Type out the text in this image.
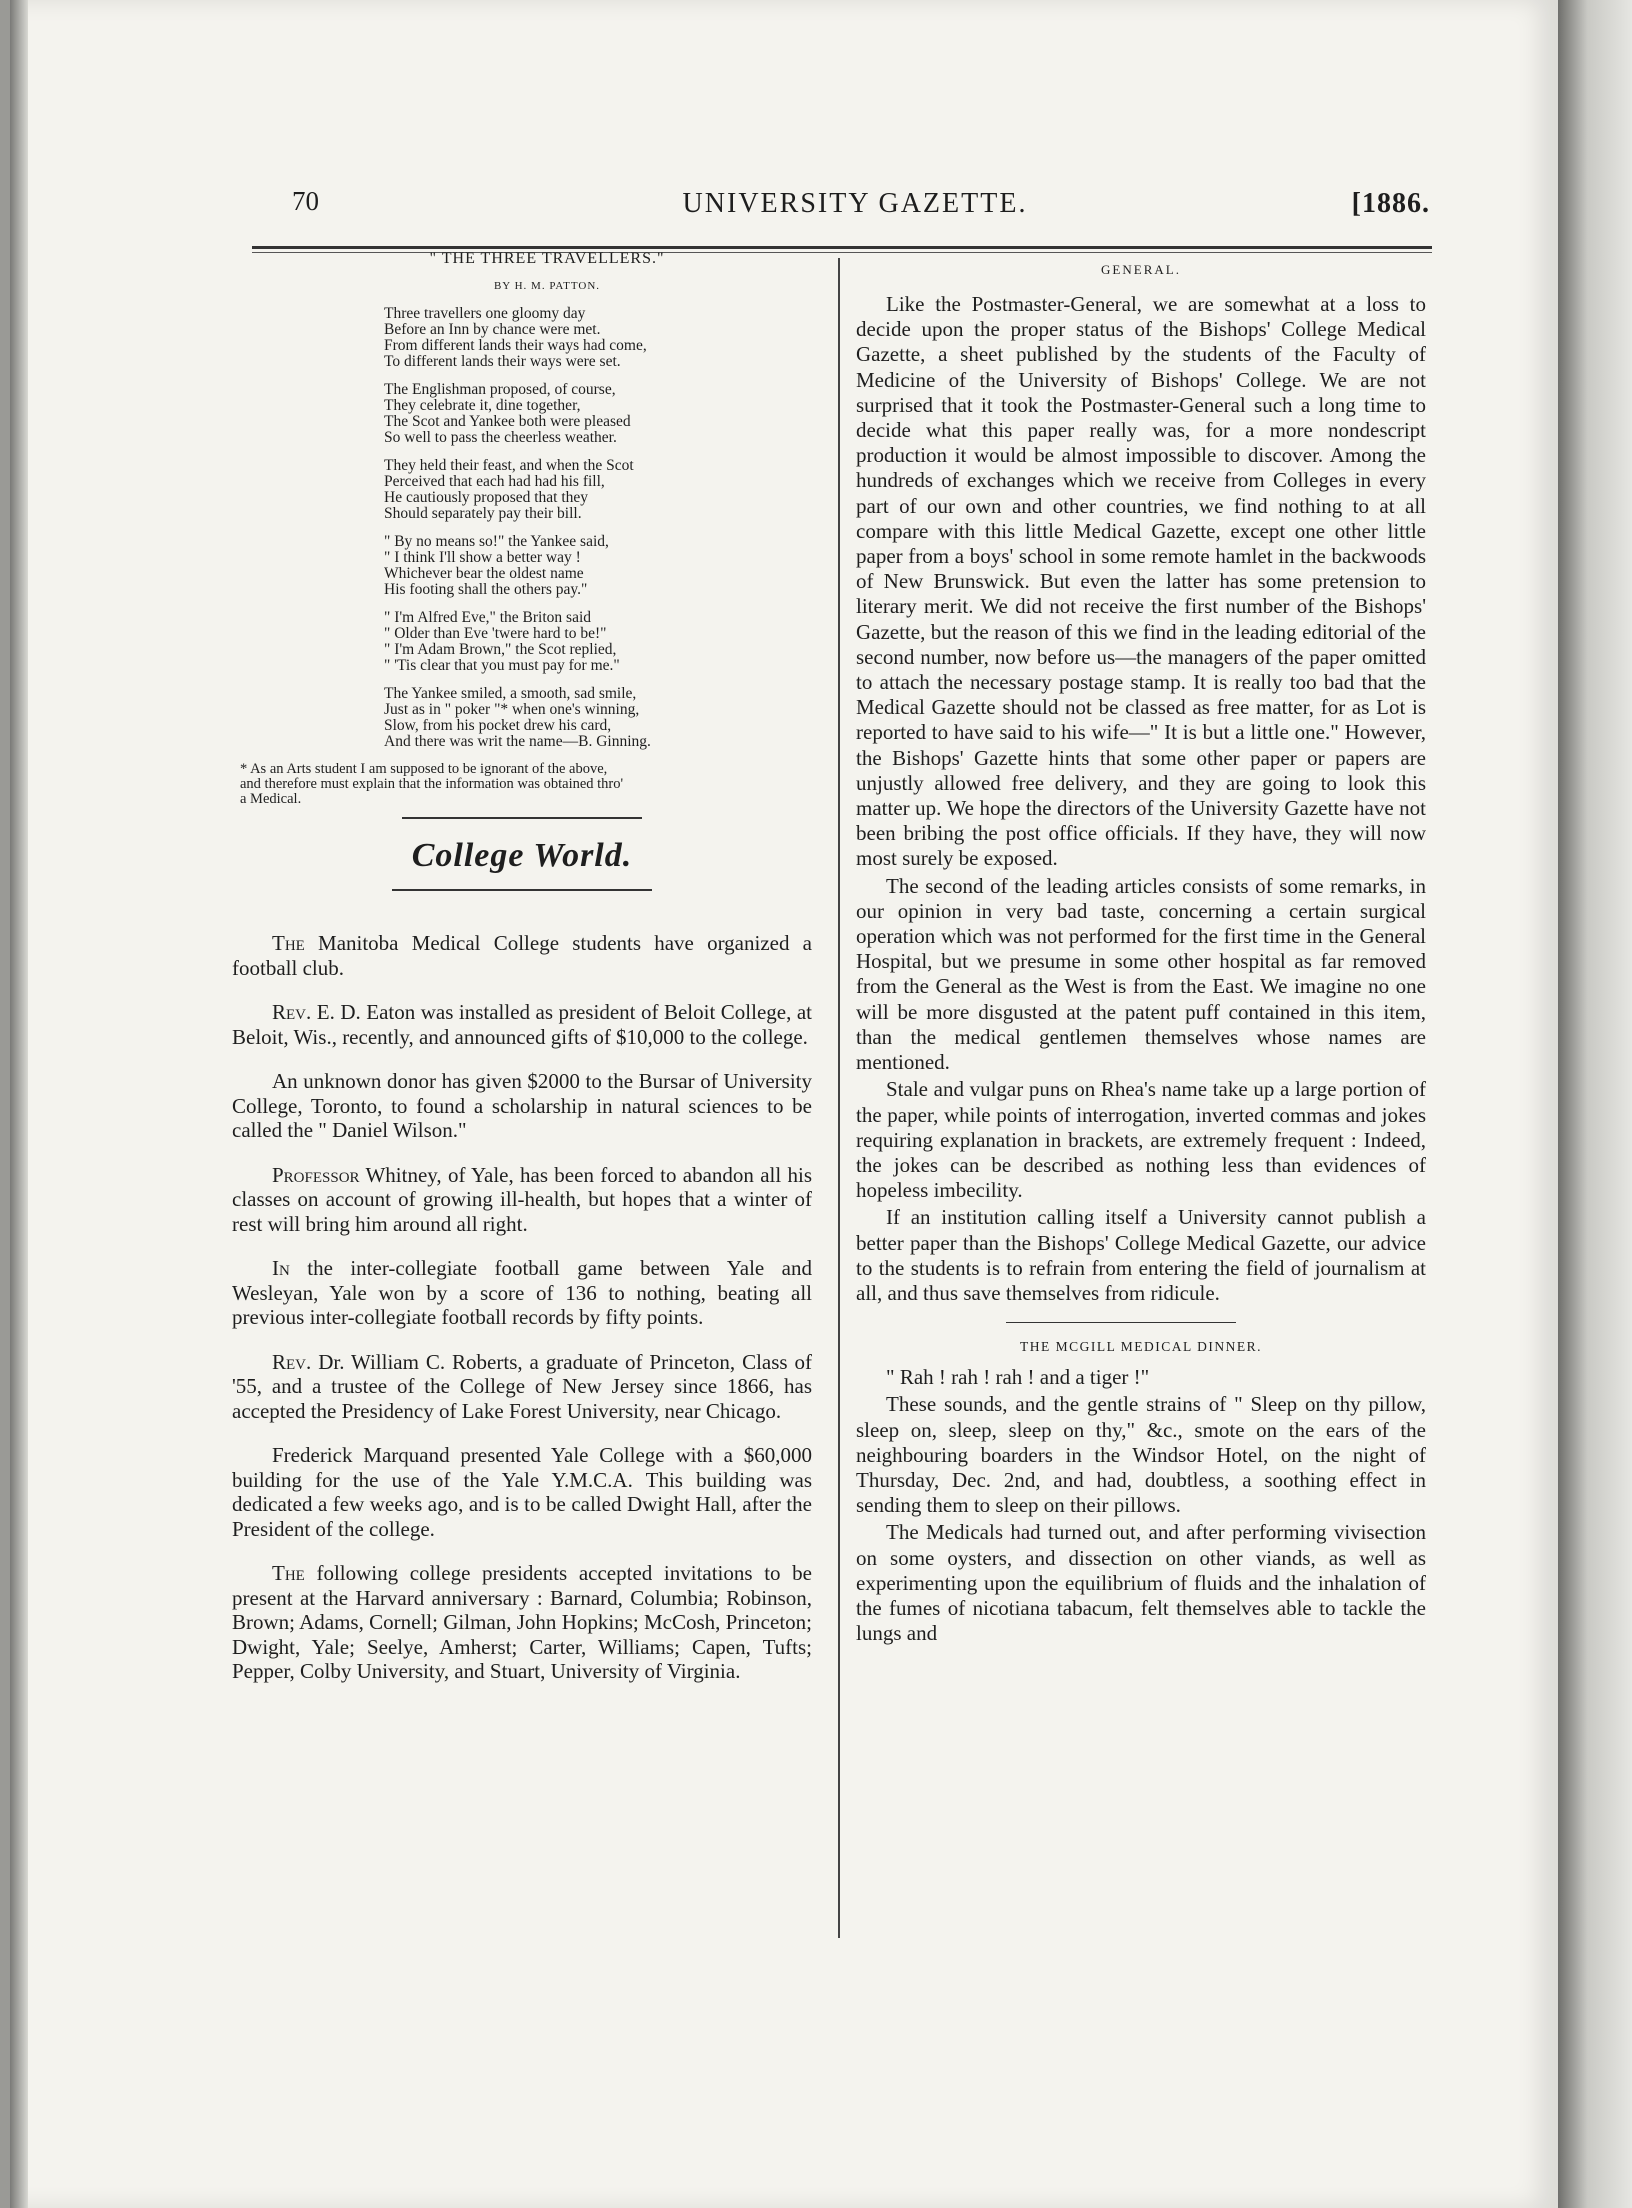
70	UNIVERSITY GAZETTE.	[1886.
" THE THREE TRAVELLERS."
BY H. M. PATTON.

Three travellers one gloomy day

Before an Inn by chance were met.

From different lands their ways had come,

To different lands their ways were set.

The Englishman proposed, of course,

They celebrate it, dine together,

The Scot and Yankee both were pleased

So well to pass the cheerless weather.

They held their feast, and when the Scot

Perceived that each had had his fill,

He cautiously proposed that they

Should separately pay their bill.

" By no means so!" the Yankee said,

" I think I'll show a better way !

Whichever bear the oldest name

His footing shall the others pay."

" I'm Alfred Eve," the Briton said

" Older than Eve 'twere hard to be!"

" I'm Adam Brown," the Scot replied,

" 'Tis clear that you must pay for me."

The Yankee smiled, a smooth, sad smile,

Just as in " poker "* when one's winning,

Slow, from his pocket drew his card,

And there was writ the name—B. Ginning.

* As an Arts student I am supposed to be ignorant of the above,

and therefore must explain that the information was obtained thro'

a Medical.

College World.

The Manitoba Medical College students have organized a football club.

Rev. E. D. Eaton was installed as president of Beloit College, at Beloit, Wis., recently, and announced gifts of $10,000 to the college.

An unknown donor has given $2000 to the Bursar of University College, Toronto, to found a scholarship in natural sciences to be called the " Daniel Wilson."

Professor Whitney, of Yale, has been forced to abandon all his classes on account of growing ill-health, but hopes that a winter of rest will bring him around all right.

In the inter-collegiate football game between Yale and Wesleyan, Yale won by a score of 136 to nothing, beating all previous inter-collegiate football records by fifty points.

Rev. Dr. William C. Roberts, a graduate of Princeton, Class of '55, and a trustee of the College of New Jersey since 1866, has accepted the Presidency of Lake Forest University, near Chicago.

Frederick Marquand presented Yale College with a $60,000 building for the use of the Yale Y.M.C.A. This building was dedicated a few weeks ago, and is to be called Dwight Hall, after the President of the college.

The following college presidents accepted invitations to be present at the Harvard anniversary : Barnard, Columbia; Robinson, Brown; Adams, Cornell; Gilman, John Hopkins; McCosh, Princeton; Dwight, Yale; Seelye, Amherst; Carter, Williams; Capen, Tufts; Pepper, Colby University, and Stuart, University of Virginia.

GENERAL.

Like the Postmaster-General, we are somewhat at a loss to decide upon the proper status of the Bishops' College Medical Gazette, a sheet published by the students of the Faculty of Medicine of the University of Bishops' College. We are not surprised that it took the Postmaster-General such a long time to decide what this paper really was, for a more nondescript production it would be almost impossible to discover. Among the hundreds of exchanges which we receive from Colleges in every part of our own and other countries, we find nothing to at all compare with this little Medical Gazette, except one other little paper from a boys' school in some remote hamlet in the backwoods of New Brunswick. But even the latter has some pretension to literary merit. We did not receive the first number of the Bishops' Gazette, but the reason of this we find in the leading editorial of the second number, now before us—the managers of the paper omitted to attach the necessary postage stamp. It is really too bad that the Medical Gazette should not be classed as free matter, for as Lot is reported to have said to his wife—" It is but a little one." However, the Bishops' Gazette hints that some other paper or papers are unjustly allowed free delivery, and they are going to look this matter up. We hope the directors of the University Gazette have not been bribing the post office officials. If they have, they will now most surely be exposed.

The second of the leading articles consists of some remarks, in our opinion in very bad taste, concerning a certain surgical operation which was not performed for the first time in the General Hospital, but we presume in some other hospital as far removed from the General as the West is from the East. We imagine no one will be more disgusted at the patent puff contained in this item, than the medical gentlemen themselves whose names are mentioned.

Stale and vulgar puns on Rhea's name take up a large portion of the paper, while points of interrogation, inverted commas and jokes requiring explanation in brackets, are extremely frequent : Indeed, the jokes can be described as nothing less than evidences of hopeless imbecility.

If an institution calling itself a University cannot publish a better paper than the Bishops' College Medical Gazette, our advice to the students is to refrain from entering the field of journalism at all, and thus save themselves from ridicule.

THE MCGILL MEDICAL DINNER.

" Rah ! rah ! rah ! and a tiger !"

These sounds, and the gentle strains of " Sleep on thy pillow, sleep on, sleep, sleep on thy," &c., smote on the ears of the neighbouring boarders in the Windsor Hotel, on the night of Thursday, Dec. 2nd, and had, doubtless, a soothing effect in sending them to sleep on their pillows.

The Medicals had turned out, and after performing vivisection on some oysters, and dissection on other viands, as well as experimenting upon the equilibrium of fluids and the inhalation of the fumes of nicotiana tabacum, felt themselves able to tackle the lungs and
